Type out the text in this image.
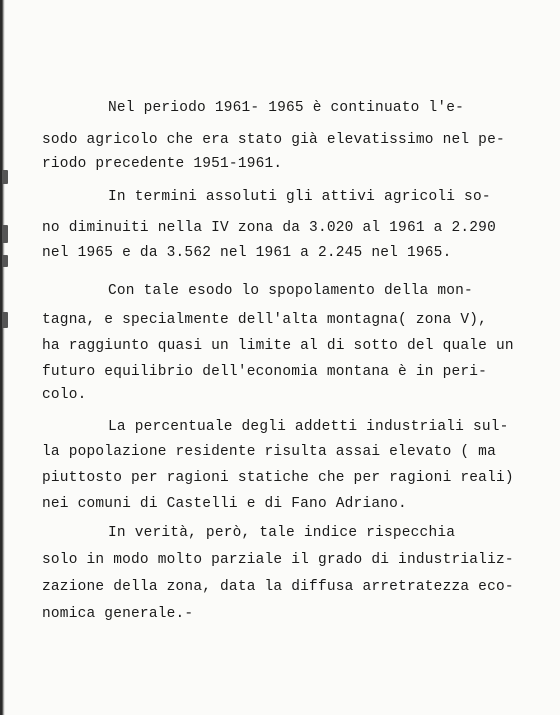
Nel periodo 1961- 1965 è continuato l'e-
sodo agricolo che era stato già elevatissimo nel pe-
riodo precedente 1951-1961.
In termini assoluti gli attivi agricoli so-
no diminuiti nella IV zona da 3.020 al 1961 a 2.290
nel 1965 e da 3.562 nel 1961 a 2.245 nel 1965.
Con tale esodo lo spopolamento della mon-
tagna, e specialmente dell'alta montagna( zona V),
ha raggiunto quasi un limite al di sotto del quale un
futuro equilibrio dell'economia montana è in peri-
colo.
La percentuale degli addetti industriali sul-
la popolazione residente risulta assai elevato ( ma
piuttosto per ragioni statiche che per ragioni reali)
nei comuni di Castelli e di Fano Adriano.
In verità, però, tale indice rispecchia
solo in modo molto parziale il grado di industrializ-
zazione della zona, data la diffusa arretratezza eco-
nomica generale.-
